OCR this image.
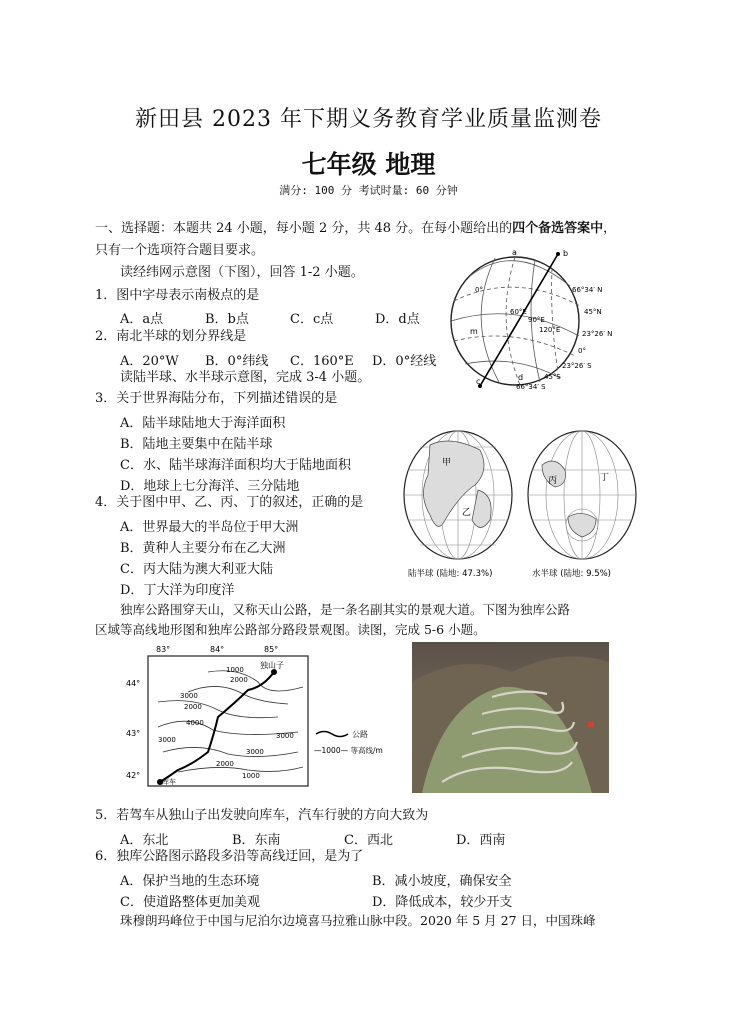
新田县 2023 年下期义务教育学业质量监测卷
七年级 地理
满分: 100 分 考试时量: 60 分钟
一、选择题：本题共 24 小题，每小题 2 分，共 48 分。在每小题给出的四个备选答案中，
只有一个选项符合题目要求。
读经纬网示意图（下图），回答 1-2 小题。
1．图中字母表示南极点的是
A．a点	B．b点	C．c点	D．d点
2．南北半球的划分界线是
A．20°W B．0°纬线 C．160°E D．0°经线
读陆半球、水半球示意图，完成 3-4 小题。
3．关于世界海陆分布，下列描述错误的是
A．陆半球陆地大于海洋面积
B．陆地主要集中在陆半球
C．水、陆半球海洋面积均大于陆地面积
D．地球上七分海洋、三分陆地
4．关于图中甲、乙、丙、丁的叙述，正确的是
A．世界最大的半岛位于甲大洲
B．黄种人主要分布在乙大洲
C．丙大陆为澳大利亚大陆
D．丁大洋为印度洋
独库公路围穿天山，又称天山公路，是一条名副其实的景观大道。下图为独库公路
区域等高线地形图和独库公路部分路段景观图。读图，完成 5-6 小题。
5．若驾车从独山子出发驶向库车，汽车行驶的方向大致为
A．东北	B．东南	C．西北	D．西南
6．独库公路图示路段多沿等高线迂回，是为了
A．保护当地的生态环境	B．减小坡度，确保安全
C．使道路整体更加美观	D．降低成本，较少开支
珠穆朗玛峰位于中国与尼泊尔边境喜马拉雅山脉中段。2020 年 5 月 27 日，中国珠峰
a	b
c	d
m
0°
60°E
90°E
120°E
66°34′ N
45°N
23°26′ N
0°
23°26′ S
45°S
66°34′ S
甲
乙
丙	丁
陆半球 (陆地: 47.3%)	水半球 (陆地: 9.5%)
83°	84°	85°
44°
43°
42°
独山子
库车
1000
2000
3000
2000
4000
3000	3000
3000
2000
1000
公路
—1000— 等高线/m
